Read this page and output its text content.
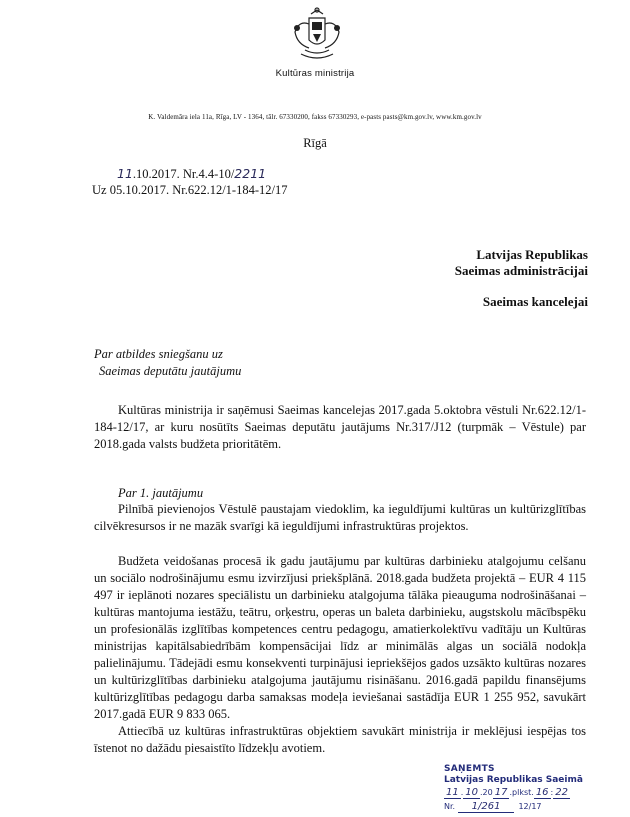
Kultūras ministrija
K. Valdemāra iela 11a, Rīga, LV - 1364, tālr. 67330200, fakss 67330293, e-pasts pasts@km.gov.lv, www.km.gov.lv
Rīgā
11.10.2017. Nr.4.4-10/2211
Uz 05.10.2017. Nr.622.12/1-184-12/17
Latvijas Republikas
Saeimas administrācijai
Saeimas kancelejai
Par atbildes sniegšanu uz
Saeimas deputātu jautājumu

Kultūras ministrija ir saņēmusi Saeimas kancelejas 2017.gada 5.oktobra vēstuli Nr.622.12/1-184-12/17, ar kuru nosūtīts Saeimas deputātu jautājums Nr.317/J12 (turpmāk – Vēstule) par 2018.gada valsts budžeta prioritātēm.

Par 1. jautājumu

Pilnībā pievienojos Vēstulē paustajam viedoklim, ka ieguldījumi kultūras un kultūrizglītības cilvēkresursos ir ne mazāk svarīgi kā ieguldījumi infrastruktūras projektos.

Budžeta veidošanas procesā ik gadu jautājumu par kultūras darbinieku atalgojumu celšanu un sociālo nodrošinājumu esmu izvirzījusi priekšplānā. 2018.gada budžeta projektā – EUR 4 115 497 ir ieplānoti nozares speciālistu un darbinieku atalgojuma tālāka pieauguma nodrošināšanai – kultūras mantojuma iestāžu, teātru, orķestru, operas un baleta darbinieku, augstskolu mācībspēku un profesionālās izglītības kompetences centru pedagogu, amatierkolektīvu vadītāju un Kultūras ministrijas kapitālsabiedrībām kompensācijai līdz ar minimālās algas un sociālā nodokļa palielinājumu. Tādejādi esmu konsekventi turpinājusi iepriekšējos gados uzsākto kultūras nozares un kultūrizglītības darbinieku atalgojuma jautājumu risināšanu. 2016.gadā papildu finansējums kultūrizglītības pedagogu darba samaksas modeļa ieviešanai sastādīja EUR 1 255 952, savukārt 2017.gadā EUR 9 833 065.

Attiecībā uz kultūras infrastruktūras objektiem savukārt ministrija ir meklējusi iespējas tos īstenot no dažādu piesaistīto līdzekļu avotiem.

SAŅEMTS
Latvijas Republikas Saeimā
11 . 10 .20 17 .plkst. 16 : 22
Nr. 1/261 12/17
